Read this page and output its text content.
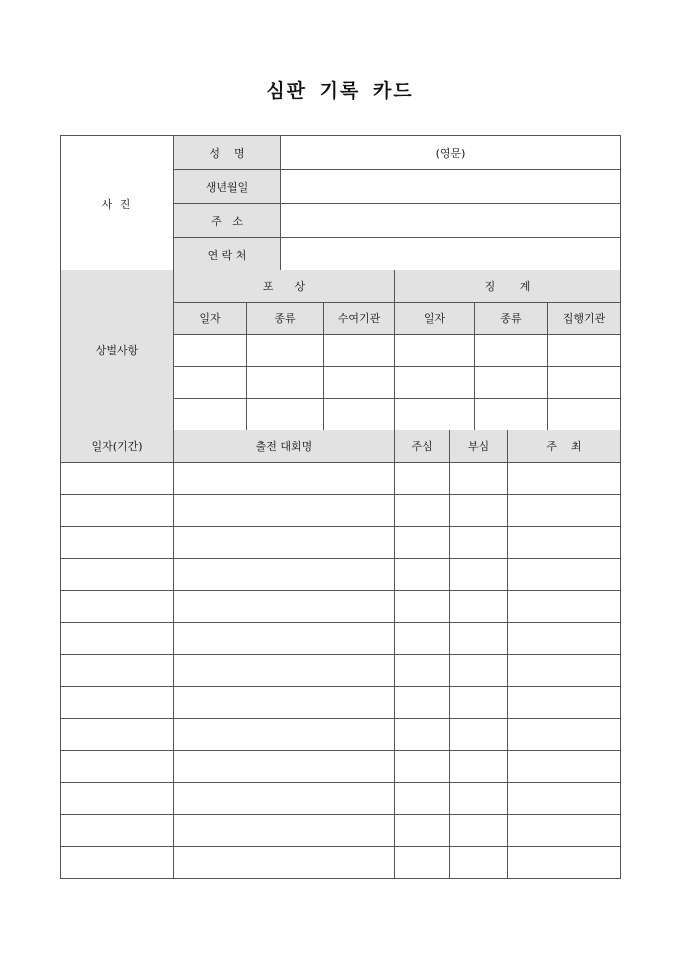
심판 기록 카드
사 진	성    명	(영문)
	생년월일	
	주   소	
	연 락 처	
상벌사항	포      상			징       계		
	일자	종류	수여기관	일자	종류	집행기관

일자(기간)	출전 대회명	주심	부심	주    최
